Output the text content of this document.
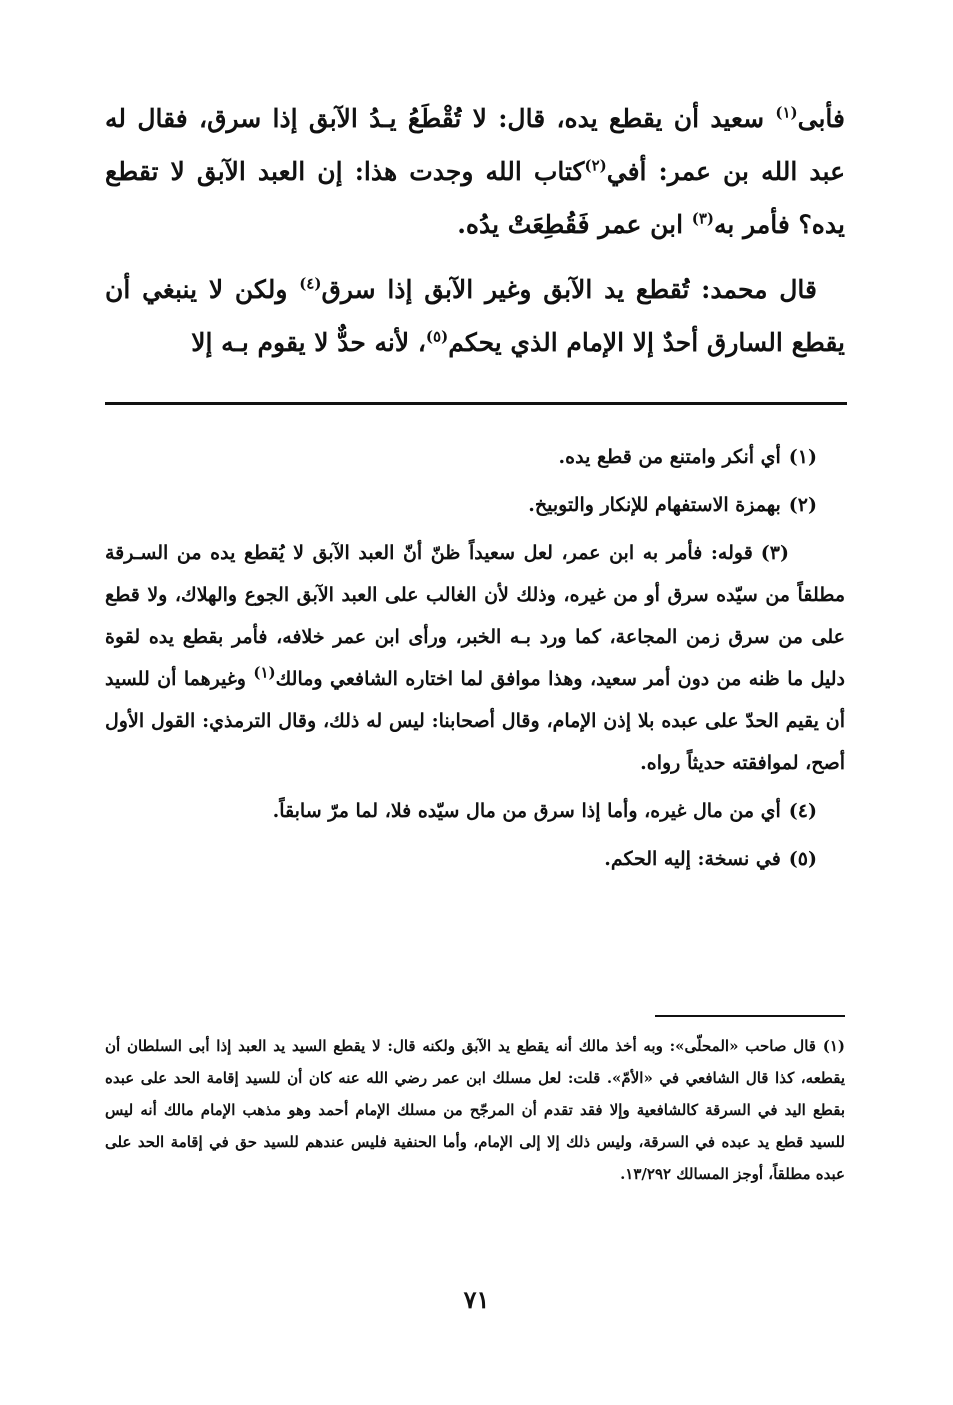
فأبى$^{(١)}$ سعيد أن يقطع يده، قال: لا تُقْطَعُ يـدُ الآبق إذا سرق، فقال له عبد الله بن عمر: أفي$^{(٢)}$كتاب الله وجدت هذا: إن العبد الآبق لا تقطع يده؟ فأمر به$^{(٣)}$ ابن عمر فَقُطِعَتْ يدُه.

قال محمد: تُقطع يد الآبق وغير الآبق إذا سرق$^{(٤)}$ ولكن لا ينبغي أن يقطع السارق أحدٌ إلا الإمام الذي يحكم$^{(٥)}$، لأنه حدٌّ لا يقوم بـه إلا

(١)أي أنكر وامتنع من قطع يده.

(٢)بهمزة الاستفهام للإنكار والتوبيخ.

(٣)قوله: فأمر به ابن عمر، لعل سعيداً ظنّ أنّ العبد الآبق لا يُقطع يده من السـرقة مطلقاً من سيّده سرق أو من غيره، وذلك لأن الغالب على العبد الآبق الجوع والهلاك، ولا قطع على من سرق زمن المجاعة، كما ورد بـه الخبر، ورأى ابن عمر خلافه، فأمر بقطع يده لقوة دليل ما ظنه من دون أمر سعيد، وهذا موافق لما اختاره الشافعي ومالك$^{(١)}$ وغيرهما أن للسيد أن يقيم الحدّ على عبده بلا إذن الإمام، وقال أصحابنا: ليس له ذلك، وقال الترمذي: القول الأول أصح، لموافقته حديثاً رواه.

(٤)أي من مال غيره، وأما إذا سرق من مال سيّده فلا، لما مرّ سابقاً.

(٥)في نسخة: إليه الحكم.

(١) قال صاحب «المحلّى»: وبه أخذ مالك أنه يقطع يد الآبق ولكنه قال: لا يقطع السيد يد العبد إذا أبى السلطان أن يقطعه، كذا قال الشافعي في «الأمّ». قلت: لعل مسلك ابن عمر رضي الله عنه كان أن للسيد إقامة الحد على عبده بقطع اليد في السرقة كالشافعية وإلا فقد تقدم أن المرجّح من مسلك الإمام أحمد وهو مذهب الإمام مالك أنه ليس للسيد قطع يد عبده في السرقة، وليس ذلك إلا إلى الإمام، وأما الحنفية فليس عندهم للسيد حق في إقامة الحد على عبده مطلقاً، أوجز المسالك ١٣/٢٩٢.

٧١
